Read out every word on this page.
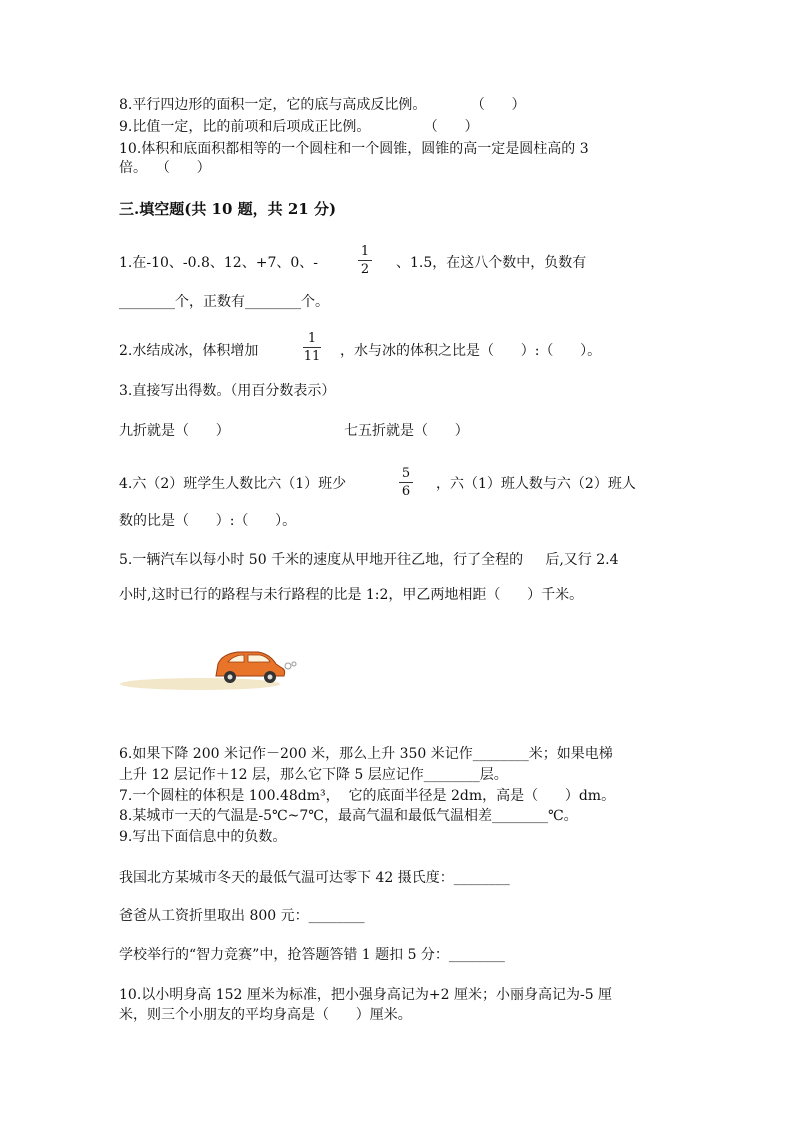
8.平行四边形的面积一定，它的底与高成反比例。          （      ）
9.比值一定，比的前项和后项成正比例。            （      ）
10.体积和底面积都相等的一个圆柱和一个圆锥，圆锥的高一定是圆柱高的 3
倍。  （      ）
三.填空题(共 10 题，共 21 分)
1.在-10、-0.8、12、+7、0、-
1
2 、1.5，在这八个数中，负数有
________个，正数有________个。
2.水结成冰，体积增加
1
11 ，水与冰的体积之比是（      ）:（      ）。
3.直接写出得数。（用百分数表示）
九折就是（      ）	七五折就是（      ）
4.六（2）班学生人数比六（1）班少
5
6 ，六（1）班人数与六（2）班人
数的比是（      ）:（      ）。
5.一辆汽车以每小时 50 千米的速度从甲地开往乙地，行了全程的     后,又行 2.4
小时,这时已行的路程与未行路程的比是 1:2，甲乙两地相距（      ）千米。
6.如果下降 200 米记作－200 米，那么上升 350 米记作________米；如果电梯
上升 12 层记作＋12 层，那么它下降 5 层应记作________层。
7.一个圆柱的体积是 100.48dm³，  它的底面半径是 2dm，高是（      ）dm。
8.某城市一天的气温是-5℃~7℃，最高气温和最低气温相差________℃。
9.写出下面信息中的负数。
我国北方某城市冬天的最低气温可达零下 42 摄氏度：________
爸爸从工资折里取出 800 元：________
学校举行的“智力竞赛”中，抢答题答错 1 题扣 5 分：________
10.以小明身高 152 厘米为标准，把小强身高记为+2 厘米；小丽身高记为-5 厘
米，则三个小朋友的平均身高是（      ）厘米。
